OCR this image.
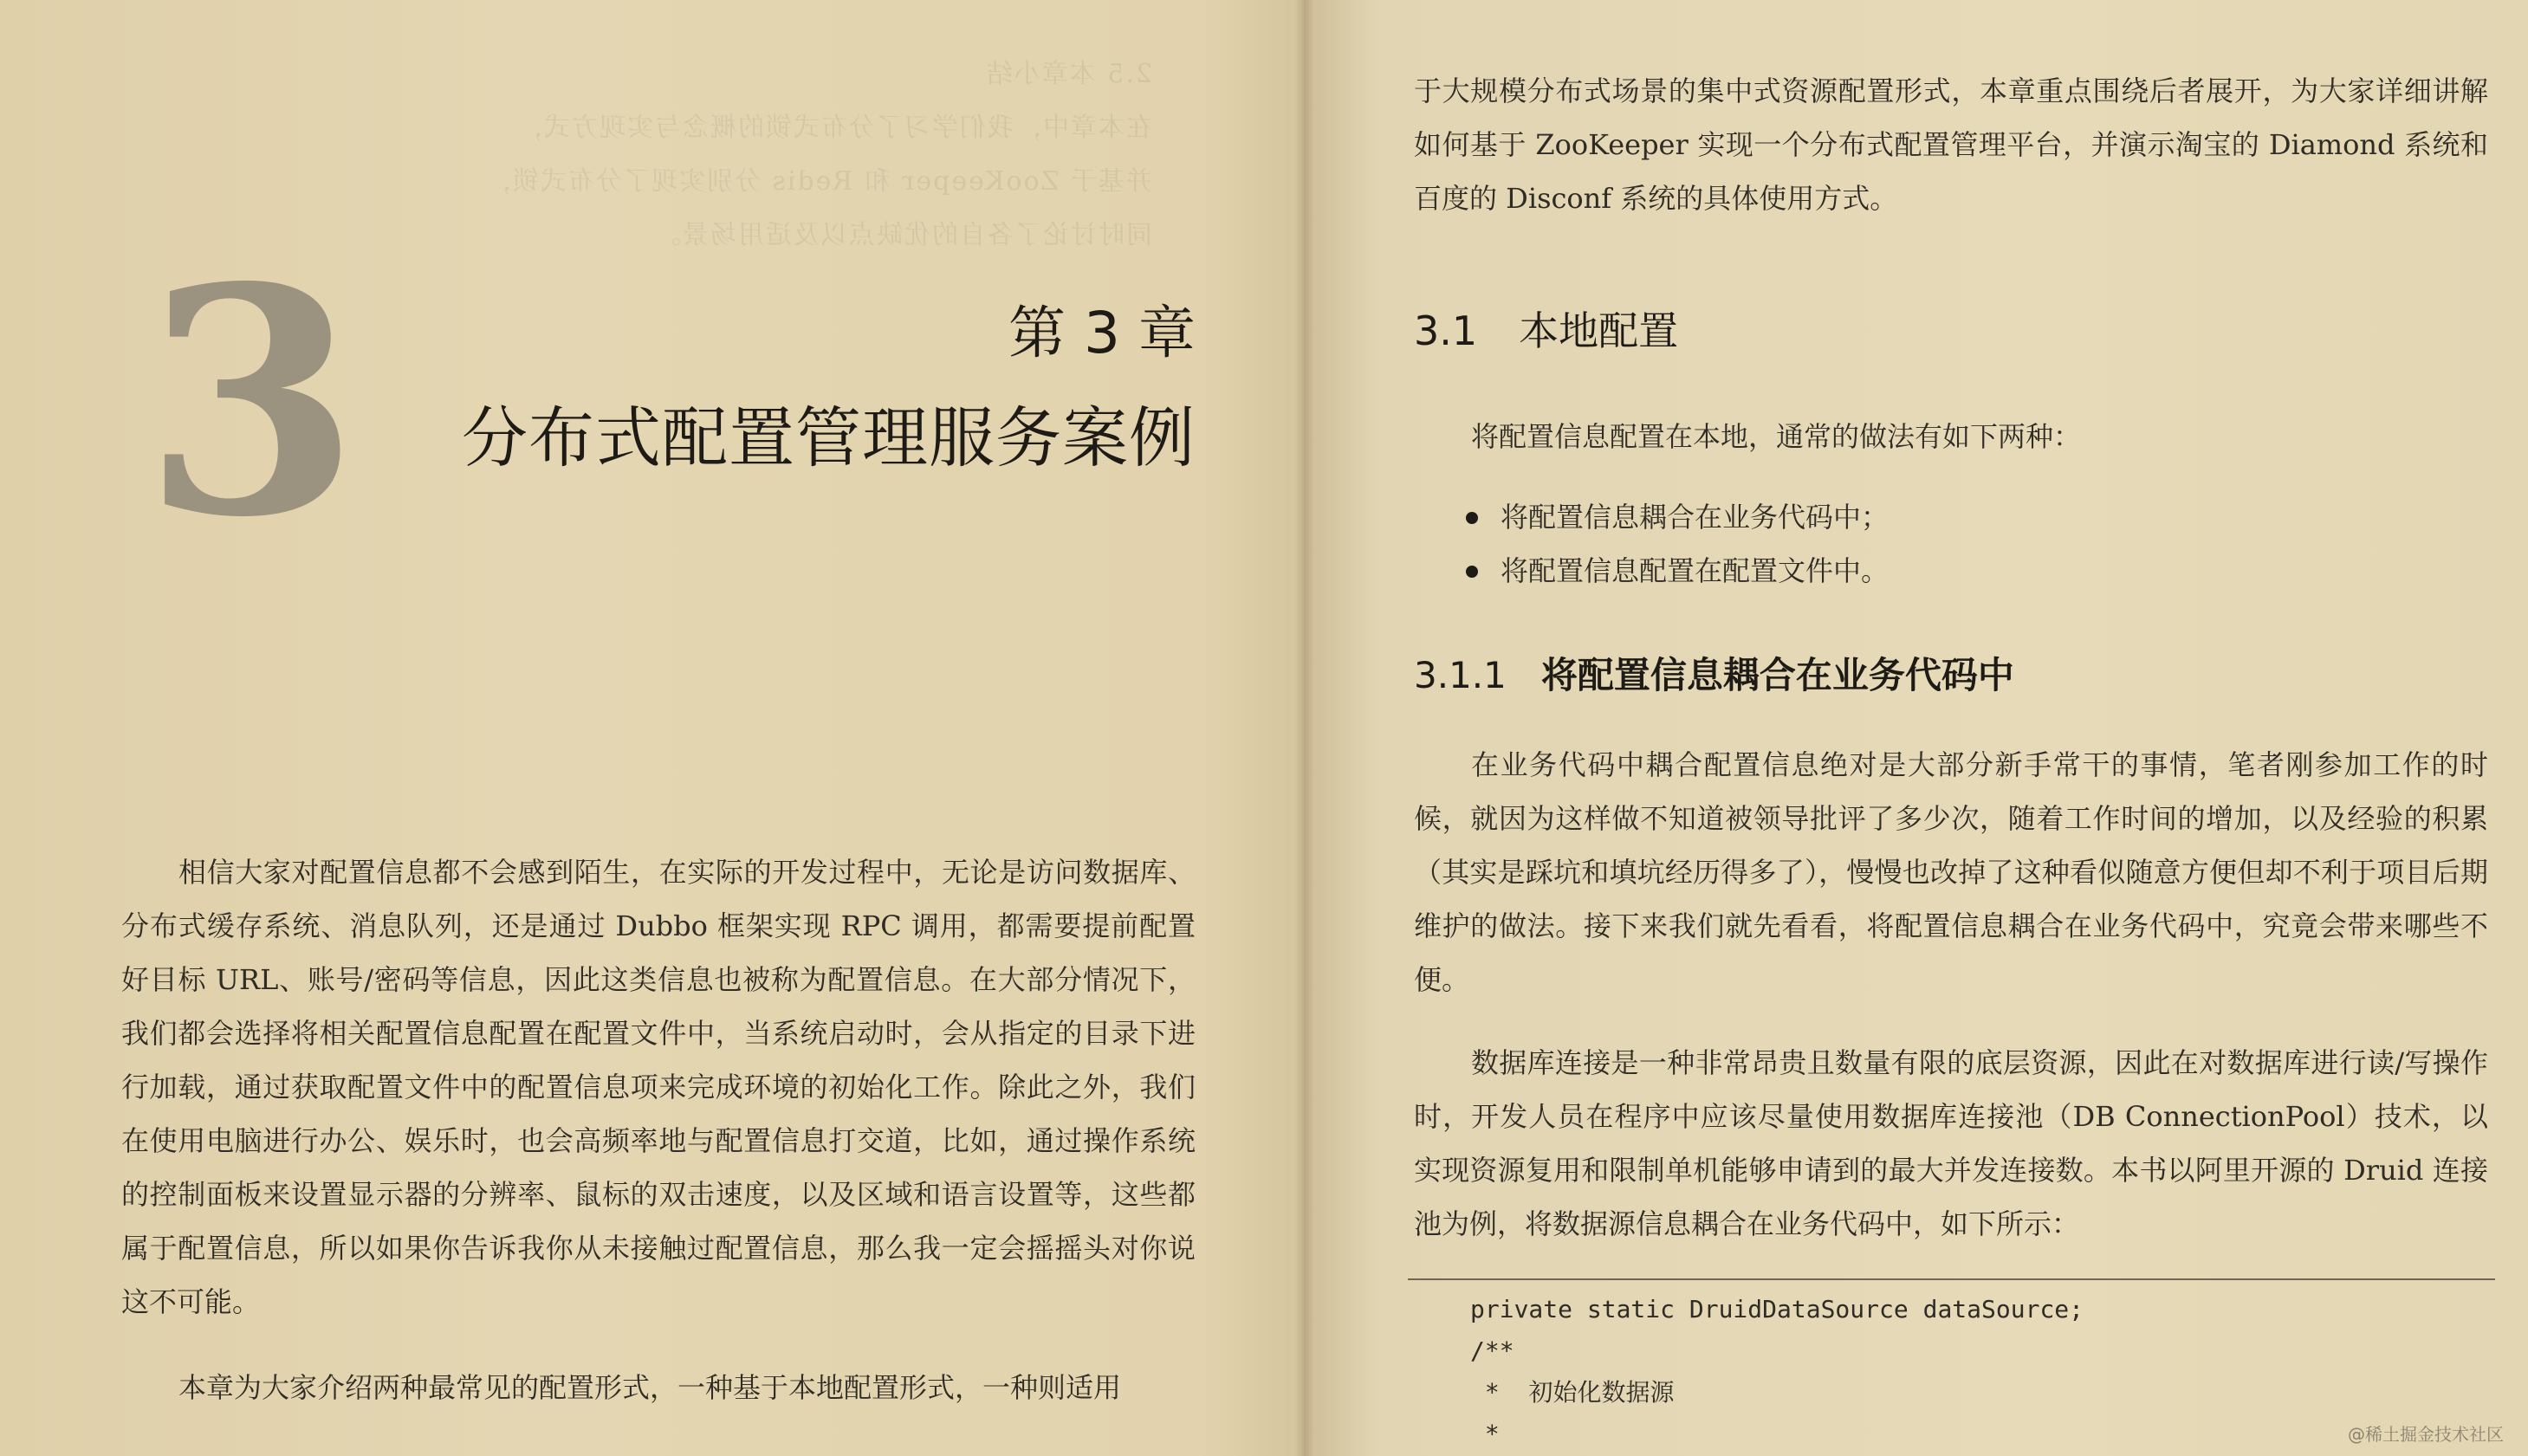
2.5 本章小结
在本章中，我们学习了分布式锁的概念与实现方式，
并基于 ZooKeeper 和 Redis 分别实现了分布式锁，
同时讨论了各自的优缺点以及适用场景。
3	第 3 章
分布式配置管理服务案例

相信大家对配置信息都不会感到陌生，在实际的开发过程中，无论是访问数据库、分布式缓存系统、消息队列，还是通过 Dubbo 框架实现 RPC 调用，都需要提前配置好目标 URL、账号/密码等信息，因此这类信息也被称为配置信息。在大部分情况下，我们都会选择将相关配置信息配置在配置文件中，当系统启动时，会从指定的目录下进行加载，通过获取配置文件中的配置信息项来完成环境的初始化工作。除此之外，我们在使用电脑进行办公、娱乐时，也会高频率地与配置信息打交道，比如，通过操作系统的控制面板来设置显示器的分辨率、鼠标的双击速度，以及区域和语言设置等，这些都属于配置信息，所以如果你告诉我你从未接触过配置信息，那么我一定会摇摇头对你说这不可能。

本章为大家介绍两种最常见的配置形式，一种基于本地配置形式，一种则适用

于大规模分布式场景的集中式资源配置形式，本章重点围绕后者展开，为大家详细讲解如何基于 ZooKeeper 实现一个分布式配置管理平台，并演示淘宝的 Diamond 系统和百度的 Disconf 系统的具体使用方式。

3.1 本地配置

将配置信息配置在本地，通常的做法有如下两种：

将配置信息耦合在业务代码中；
将配置信息配置在配置文件中。
3.1.1 将配置信息耦合在业务代码中

在业务代码中耦合配置信息绝对是大部分新手常干的事情，笔者刚参加工作的时候，就因为这样做不知道被领导批评了多少次，随着工作时间的增加，以及经验的积累（其实是踩坑和填坑经历得多了），慢慢也改掉了这种看似随意方便但却不利于项目后期维护的做法。接下来我们就先看看，将配置信息耦合在业务代码中，究竟会带来哪些不便。

数据库连接是一种非常昂贵且数量有限的底层资源，因此在对数据库进行读/写操作时，开发人员在程序中应该尽量使用数据库连接池（DB ConnectionPool）技术，以实现资源复用和限制单机能够申请到的最大并发连接数。本书以阿里开源的 Druid 连接池为例，将数据源信息耦合在业务代码中，如下所示：

private static DruidDataSource dataSource;
/**
*  初始化数据源
*	@稀土掘金技术社区
